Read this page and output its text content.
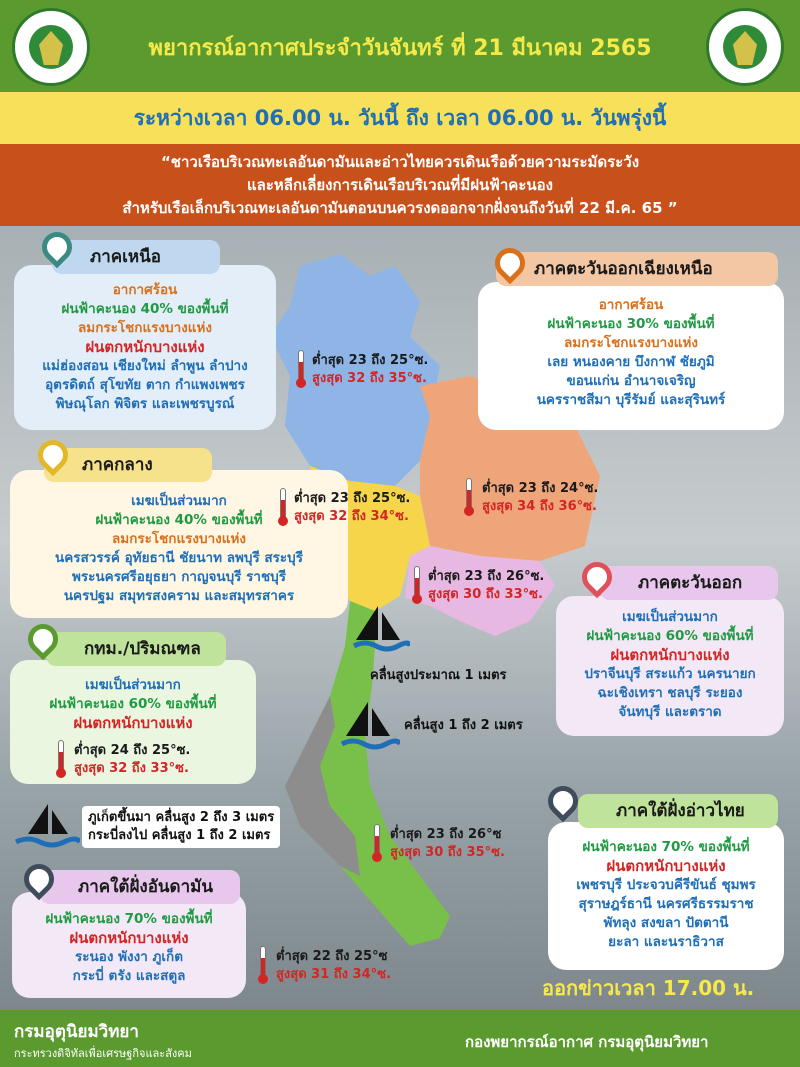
พยากรณ์อากาศประจำวันจันทร์ ที่ 21 มีนาคม 2565
ระหว่างเวลา 06.00 น. วันนี้ ถึง เวลา 06.00 น. วันพรุ่งนี้
“ชาวเรือบริเวณทะเลอันดามันและอ่าวไทยควรเดินเรือด้วยความระมัดระวัง
และหลีกเลี่ยงการเดินเรือบริเวณที่มีฝนฟ้าคะนอง
สำหรับเรือเล็กบริเวณทะเลอันดามันตอนบนควรงดออกจากฝั่งจนถึงวันที่ 22 มี.ค. 65 ”
อากาศร้อน
ฝนฟ้าคะนอง 40% ของพื้นที่
ลมกระโชกแรงบางแห่ง
ฝนตกหนักบางแห่ง
แม่ฮ่องสอน เชียงใหม่ ลำพูน ลำปาง
อุตรดิตถ์ สุโขทัย ตาก กำแพงเพชร
พิษณุโลก พิจิตร และเพชรบูรณ์
ภาคเหนือ
ต่ำสุด 23 ถึง 25°ซ.
สูงสุด 32 ถึง 35°ซ.
อากาศร้อน
ฝนฟ้าคะนอง 30% ของพื้นที่
ลมกระโชกแรงบางแห่ง
เลย หนองคาย บึงกาฬ ชัยภูมิ
ขอนแก่น อำนาจเจริญ
นครราชสีมา บุรีรัมย์ และสุรินทร์
ภาคตะวันออกเฉียงเหนือ
ต่ำสุด 23 ถึง 24°ซ.
สูงสุด 34 ถึง 36°ซ.
เมฆเป็นส่วนมาก
ฝนฟ้าคะนอง 40% ของพื้นที่
ลมกระโชกแรงบางแห่ง
นครสวรรค์ อุทัยธานี ชัยนาท ลพบุรี สระบุรี
พระนครศรีอยุธยา กาญจนบุรี ราชบุรี
นครปฐม สมุทรสงคราม และสมุทรสาคร
ภาคกลาง
ต่ำสุด 23 ถึง 25°ซ.
สูงสุด 32 ถึง 34°ซ.
เมฆเป็นส่วนมาก
ฝนฟ้าคะนอง 60% ของพื้นที่
ฝนตกหนักบางแห่ง
ปราจีนบุรี สระแก้ว นครนายก
ฉะเชิงเทรา ชลบุรี ระยอง
จันทบุรี และตราด
ภาคตะวันออก
ต่ำสุด 23 ถึง 26°ซ.
สูงสุด 30 ถึง 33°ซ.
เมฆเป็นส่วนมาก
ฝนฟ้าคะนอง 60% ของพื้นที่
ฝนตกหนักบางแห่ง
กทม./ปริมณฑล
ต่ำสุด 24 ถึง 25°ซ.
สูงสุด 32 ถึง 33°ซ.
ฝนฟ้าคะนอง 70% ของพื้นที่
ฝนตกหนักบางแห่ง
เพชรบุรี ประจวบคีรีขันธ์ ชุมพร
สุราษฎร์ธานี นครศรีธรรมราช
พัทลุง สงขลา ปัตตานี
ยะลา และนราธิวาส
ภาคใต้ฝั่งอ่าวไทย
ต่ำสุด 23 ถึง 26°ซ
สูงสุด 30 ถึง 35°ซ.
ฝนฟ้าคะนอง 70% ของพื้นที่
ฝนตกหนักบางแห่ง
ระนอง พังงา ภูเก็ต
กระบี่ ตรัง และสตูล
ภาคใต้ฝั่งอันดามัน
ต่ำสุด 22 ถึง 25°ซ
สูงสุด 31 ถึง 34°ซ.
คลื่นสูงประมาณ 1 เมตร
คลื่นสูง 1 ถึง 2 เมตร
ภูเก็ตขึ้นมา คลื่นสูง 2 ถึง 3 เมตร
กระบี่ลงไป คลื่นสูง 1 ถึง 2 เมตร
ออกข่าวเวลา 17.00 น.
กรมอุตุนิยมวิทยา
กระทรวงดิจิทัลเพื่อเศรษฐกิจและสังคม
กองพยากรณ์อากาศ กรมอุตุนิยมวิทยา
